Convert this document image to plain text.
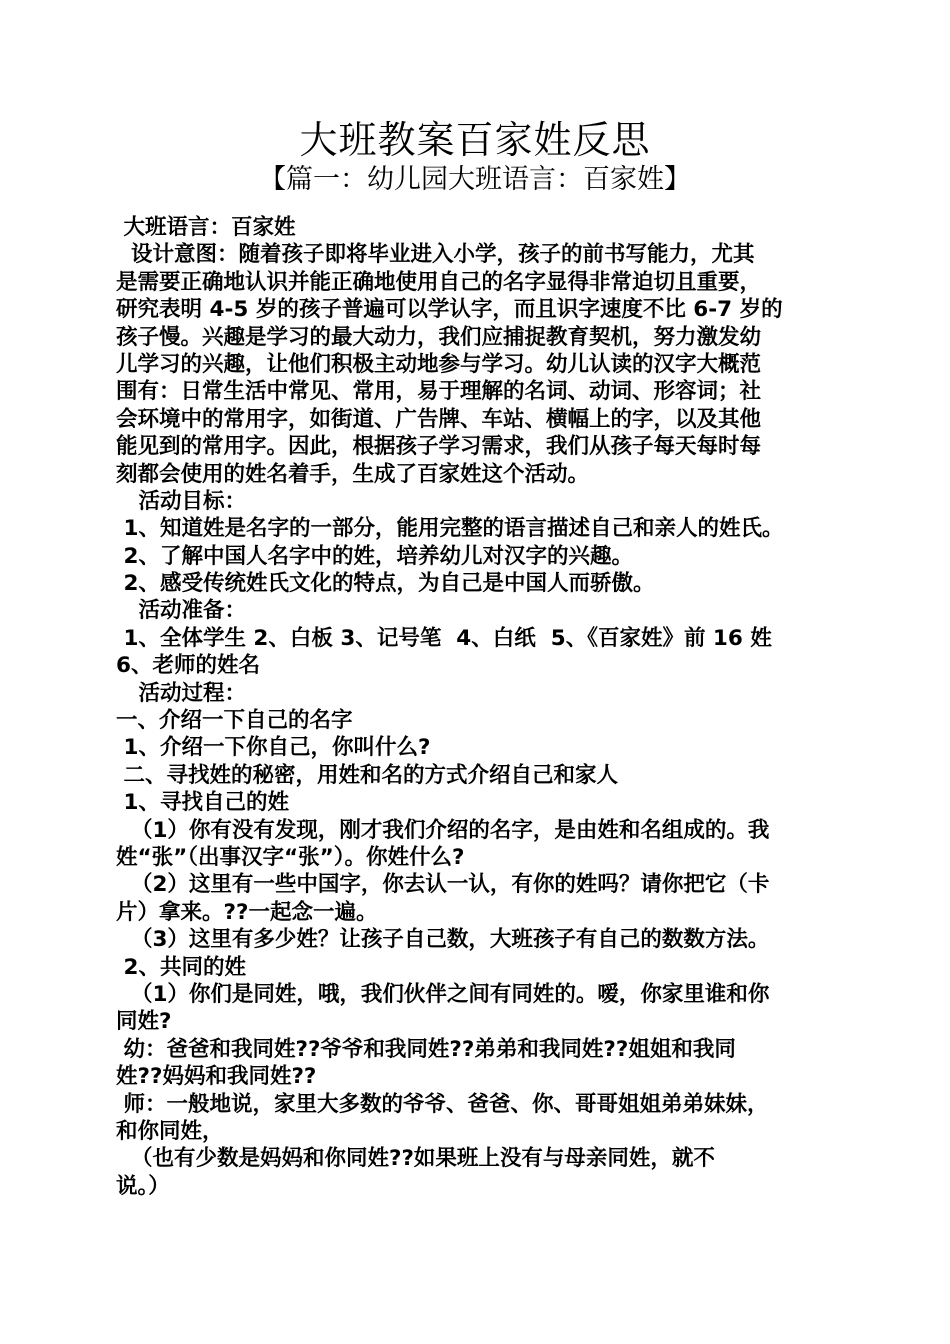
大班教案百家姓反思
【篇一：幼儿园大班语言：百家姓】
大班语言：百家姓
设计意图：随着孩子即将毕业进入小学，孩子的前书写能力，尤其
是需要正确地认识并能正确地使用自己的名字显得非常迫切且重要，
研究表明 4-5 岁的孩子普遍可以学认字，而且识字速度不比 6-7 岁的
孩子慢。兴趣是学习的最大动力，我们应捕捉教育契机，努力激发幼
儿学习的兴趣，让他们积极主动地参与学习。幼儿认读的汉字大概范
围有：日常生活中常见、常用，易于理解的名词、动词、形容词；社
会环境中的常用字，如街道、广告牌、车站、横幅上的字，以及其他
能见到的常用字。因此，根据孩子学习需求，我们从孩子每天每时每
刻都会使用的姓名着手，生成了百家姓这个活动。
活动目标：
1、知道姓是名字的一部分，能用完整的语言描述自己和亲人的姓氏。
2、了解中国人名字中的姓，培养幼儿对汉字的兴趣。
2、感受传统姓氏文化的特点，为自己是中国人而骄傲。
活动准备：
1、全体学生 2、白板 3、记号笔  4、白纸  5、《百家姓》前 16 姓
6、老师的姓名
活动过程：
一、介绍一下自己的名字
1、介绍一下你自己，你叫什么?
二、寻找姓的秘密，用姓和名的方式介绍自己和家人
1、寻找自己的姓
（1）你有没有发现，刚才我们介绍的名字，是由姓和名组成的。我
姓“张”（出事汉字“张”）。你姓什么?
（2）这里有一些中国字，你去认一认，有你的姓吗？请你把它（卡
片）拿来。??一起念一遍。
（3）这里有多少姓？让孩子自己数，大班孩子有自己的数数方法。
2、共同的姓
（1）你们是同姓，哦，我们伙伴之间有同姓的。嗳，你家里谁和你
同姓?
幼：爸爸和我同姓??爷爷和我同姓??弟弟和我同姓??姐姐和我同
姓??妈妈和我同姓??
师：一般地说，家里大多数的爷爷、爸爸、你、哥哥姐姐弟弟妹妹，
和你同姓，
（也有少数是妈妈和你同姓??如果班上没有与母亲同姓，就不
说。）
